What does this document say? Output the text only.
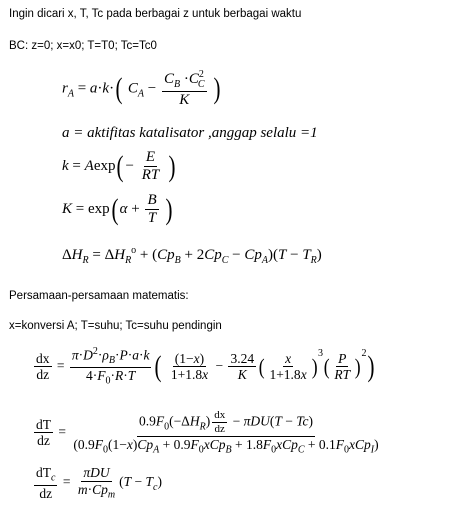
Ingin dicari x, T, Tc pada berbagai z untuk berbagai waktu
BC: z=0; x=x0; T=T0; Tc=Tc0
$r_A = a\cdot k\cdot$( $C_A - \frac{C_B \cdot C^2_C}{K}$ )
a = aktifitas katalisator ,anggap selalu =1
$k = Aexp( - \frac{E}{RT}$ )
K = exp( $\alpha + \frac{B}{T}$ )
$\Delta H_R = \Delta H_R^o + (Cp_B + 2Cp_C - Cp_A)(T - T_R)$
Persamaan-persamaan matematis:
x=konversi A; T=suhu; Tc=suhu pendingin
$\frac{dx}{dz} = \frac{\pi\cdot D^2\cdot\rho_B\cdot P\cdot a\cdot k}{4\cdot F_0\cdot R\cdot T}$ ( $\frac{(1-x)}{1+1.8x} - \frac{3.24}{K}$ ( $\frac{x}{1+1.8x} )^3( \frac{P}{RT} )^2$)
$\frac{dT}{dz} = \frac{0.9F_0(-\Delta H_R) \frac{dx}{dz} - \pi DU(T - Tc)}{(0.9F_0(1-x)Cp_A + 0.9F_0xCp_B + 1.8F_0xCp_C + 0.1F_0xCp_I)}$
$\frac{dT_c}{dz} = \frac{\text{πDU}}{m\cdot Cp_m} (T - T_c)$
